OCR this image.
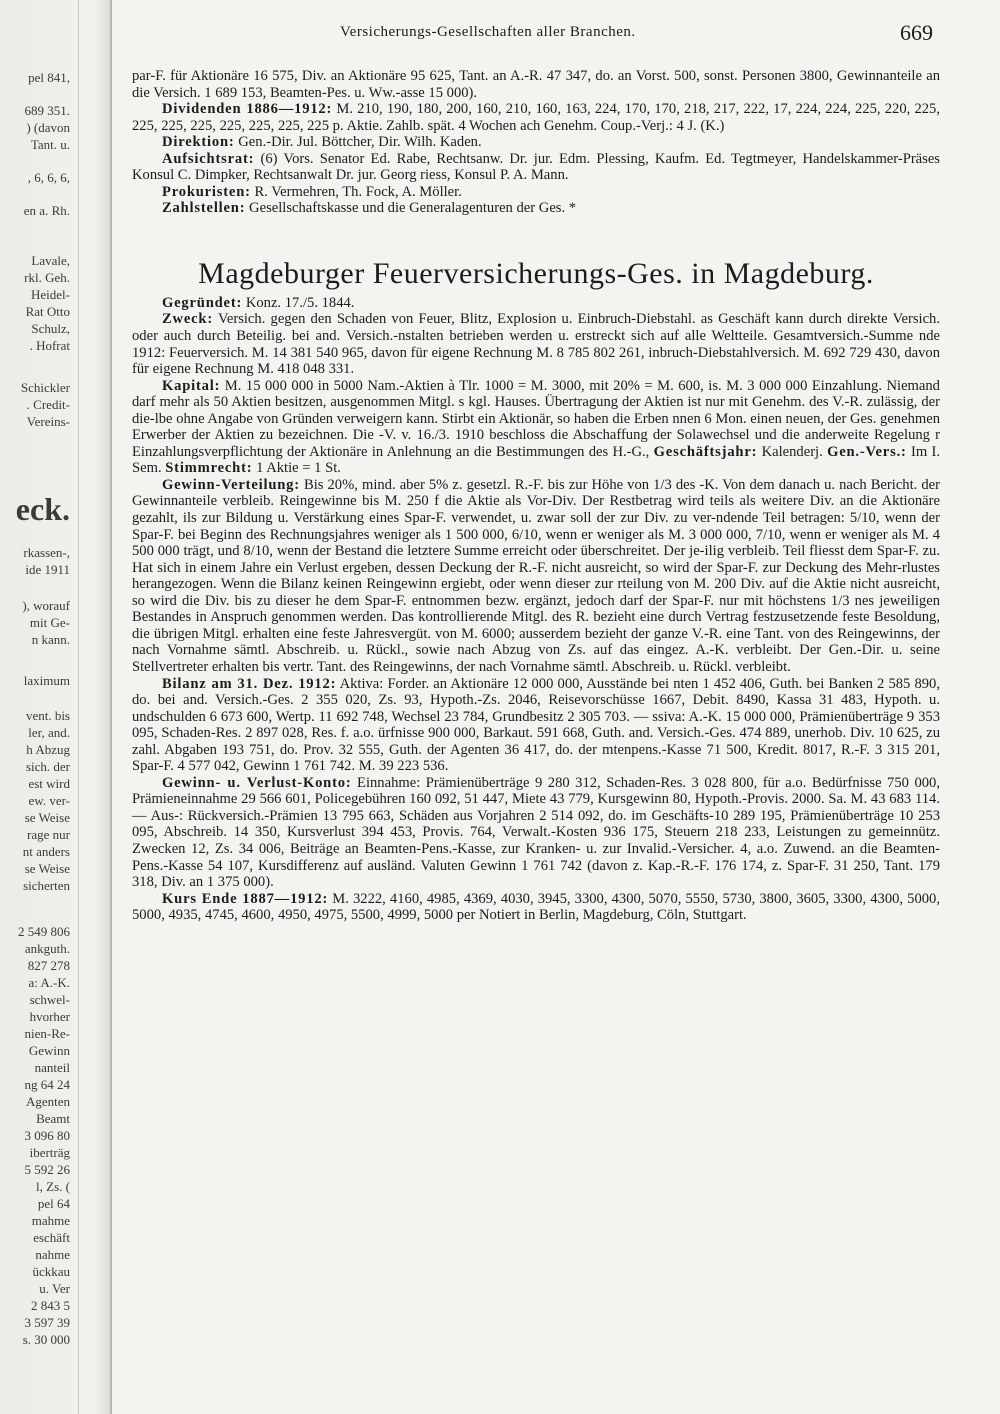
pel 841,
689 351.
) (davon
Tant. u.
, 6, 6, 6,
en a. Rh.
Lavale,
rkl. Geh.
Heidel-
Rat Otto
Schulz,
. Hofrat
Schickler
. Credit-
Vereins-
eck.
rkassen-,
ide 1911
), worauf
mit Ge-
n kann.
laximum
vent. bis
ler, and.
h Abzug
sich. der
est wird
ew. ver-
se Weise
rage nur
nt anders
se Weise
sicherten
2 549 806
ankguth.
827 278
a: A.-K.
schwel-
hvorher
nien-Re-
Gewinn
nanteil
ng 64 24
Agenten
Beamt
3 096 80
iberträg
5 592 26
l, Zs. (
pel 64
mahme
eschäft
nahme
ückkau
u. Ver
2 843 5
3 597 39
s. 30 000
Versicherungs-Gesellschaften aller Branchen.	669

par-F. für Aktionäre 16 575, Div. an Aktionäre 95 625, Tant. an A.-R. 47 347, do. an Vorst. 500, sonst. Personen 3800, Gewinnanteile an die Versich. 1 689 153, Beamten-Pes. u. Ww.-asse 15 000).

Dividenden 1886—1912: M. 210, 190, 180, 200, 160, 210, 160, 163, 224, 170, 170, 218, 217, 222, 17, 224, 224, 225, 220, 225, 225, 225, 225, 225, 225, 225, 225 p. Aktie. Zahlb. spät. 4 Wochen ach Genehm. Coup.-Verj.: 4 J. (K.)

Direktion: Gen.-Dir. Jul. Böttcher, Dir. Wilh. Kaden.

Aufsichtsrat: (6) Vors. Senator Ed. Rabe, Rechtsanw. Dr. jur. Edm. Plessing, Kaufm. Ed. Tegtmeyer, Handelskammer-Präses Konsul C. Dimpker, Rechtsanwalt Dr. jur. Georg riess, Konsul P. A. Mann.

Prokuristen: R. Vermehren, Th. Fock, A. Möller.

Zahlstellen: Gesellschaftskasse und die Generalagenturen der Ges. *

Magdeburger Feuerversicherungs-Ges. in Magdeburg.

Gegründet: Konz. 17./5. 1844.

Zweck: Versich. gegen den Schaden von Feuer, Blitz, Explosion u. Einbruch-Diebstahl. as Geschäft kann durch direkte Versich. oder auch durch Beteilig. bei and. Versich.-nstalten betrieben werden u. erstreckt sich auf alle Weltteile. Gesamtversich.-Summe nde 1912: Feuerversich. M. 14 381 540 965, davon für eigene Rechnung M. 8 785 802 261, inbruch-Diebstahlversich. M. 692 729 430, davon für eigene Rechnung M. 418 048 331.

Kapital: M. 15 000 000 in 5000 Nam.-Aktien à Tlr. 1000 = M. 3000, mit 20% = M. 600, is. M. 3 000 000 Einzahlung. Niemand darf mehr als 50 Aktien besitzen, ausgenommen Mitgl. s kgl. Hauses. Übertragung der Aktien ist nur mit Genehm. des V.-R. zulässig, der die-lbe ohne Angabe von Gründen verweigern kann. Stirbt ein Aktionär, so haben die Erben nnen 6 Mon. einen neuen, der Ges. genehmen Erwerber der Aktien zu bezeichnen. Die -V. v. 16./3. 1910 beschloss die Abschaffung der Solawechsel und die anderweite Regelung r Einzahlungsverpflichtung der Aktionäre in Anlehnung an die Bestimmungen des H.-G., Geschäftsjahr: Kalenderj. Gen.-Vers.: Im I. Sem. Stimmrecht: 1 Aktie = 1 St.

Gewinn-Verteilung: Bis 20%, mind. aber 5% z. gesetzl. R.-F. bis zur Höhe von 1/3 des -K. Von dem danach u. nach Bericht. der Gewinnanteile verbleib. Reingewinne bis M. 250 f die Aktie als Vor-Div. Der Restbetrag wird teils als weitere Div. an die Aktionäre gezahlt, ils zur Bildung u. Verstärkung eines Spar-F. verwendet, u. zwar soll der zur Div. zu ver-ndende Teil betragen: 5/10, wenn der Spar-F. bei Beginn des Rechnungsjahres weniger als 1 500 000, 6/10, wenn er weniger als M. 3 000 000, 7/10, wenn er weniger als M. 4 500 000 trägt, und 8/10, wenn der Bestand die letztere Summe erreicht oder überschreitet. Der je-ilig verbleib. Teil fliesst dem Spar-F. zu. Hat sich in einem Jahre ein Verlust ergeben, dessen Deckung der R.-F. nicht ausreicht, so wird der Spar-F. zur Deckung des Mehr-rlustes herangezogen. Wenn die Bilanz keinen Reingewinn ergiebt, oder wenn dieser zur rteilung von M. 200 Div. auf die Aktie nicht ausreicht, so wird die Div. bis zu dieser he dem Spar-F. entnommen bezw. ergänzt, jedoch darf der Spar-F. nur mit höchstens 1/3 nes jeweiligen Bestandes in Anspruch genommen werden. Das kontrollierende Mitgl. des R. bezieht eine durch Vertrag festzusetzende feste Besoldung, die übrigen Mitgl. erhalten eine feste Jahresvergüt. von M. 6000; ausserdem bezieht der ganze V.-R. eine Tant. von des Reingewinns, der nach Vornahme sämtl. Abschreib. u. Rückl., sowie nach Abzug von Zs. auf das eingez. A.-K. verbleibt. Der Gen.-Dir. u. seine Stellvertreter erhalten bis vertr. Tant. des Reingewinns, der nach Vornahme sämtl. Abschreib. u. Rückl. verbleibt.

Bilanz am 31. Dez. 1912: Aktiva: Forder. an Aktionäre 12 000 000, Ausstände bei nten 1 452 406, Guth. bei Banken 2 585 890, do. bei and. Versich.-Ges. 2 355 020, Zs. 93, Hypoth.-Zs. 2046, Reisevorschüsse 1667, Debit. 8490, Kassa 31 483, Hypoth. u. undschulden 6 673 600, Wertp. 11 692 748, Wechsel 23 784, Grundbesitz 2 305 703. — ssiva: A.-K. 15 000 000, Prämienüberträge 9 353 095, Schaden-Res. 2 897 028, Res. f. a.o. ürfnisse 900 000, Barkaut. 591 668, Guth. and. Versich.-Ges. 474 889, unerhob. Div. 10 625, zu zahl. Abgaben 193 751, do. Prov. 32 555, Guth. der Agenten 36 417, do. der mtenpens.-Kasse 71 500, Kredit. 8017, R.-F. 3 315 201, Spar-F. 4 577 042, Gewinn 1 761 742. M. 39 223 536.

Gewinn- u. Verlust-Konto: Einnahme: Prämienüberträge 9 280 312, Schaden-Res. 3 028 800, für a.o. Bedürfnisse 750 000, Prämieneinnahme 29 566 601, Policegebühren 160 092, 51 447, Miete 43 779, Kursgewinn 80, Hypoth.-Provis. 2000. Sa. M. 43 683 114. — Aus-: Rückversich.-Prämien 13 795 663, Schäden aus Vorjahren 2 514 092, do. im Geschäfts-10 289 195, Prämienüberträge 10 253 095, Abschreib. 14 350, Kursverlust 394 453, Provis. 764, Verwalt.-Kosten 936 175, Steuern 218 233, Leistungen zu gemeinnütz. Zwecken 12, Zs. 34 006, Beiträge an Beamten-Pens.-Kasse, zur Kranken- u. zur Invalid.-Versicher. 4, a.o. Zuwend. an die Beamten-Pens.-Kasse 54 107, Kursdifferenz auf ausländ. Valuten Gewinn 1 761 742 (davon z. Kap.-R.-F. 176 174, z. Spar-F. 31 250, Tant. 179 318, Div. an 1 375 000).

Kurs Ende 1887—1912: M. 3222, 4160, 4985, 4369, 4030, 3945, 3300, 4300, 5070, 5550, 5730, 3800, 3605, 3300, 4300, 5000, 5000, 4935, 4745, 4600, 4950, 4975, 5500, 4999, 5000 per Notiert in Berlin, Magdeburg, Cöln, Stuttgart.
